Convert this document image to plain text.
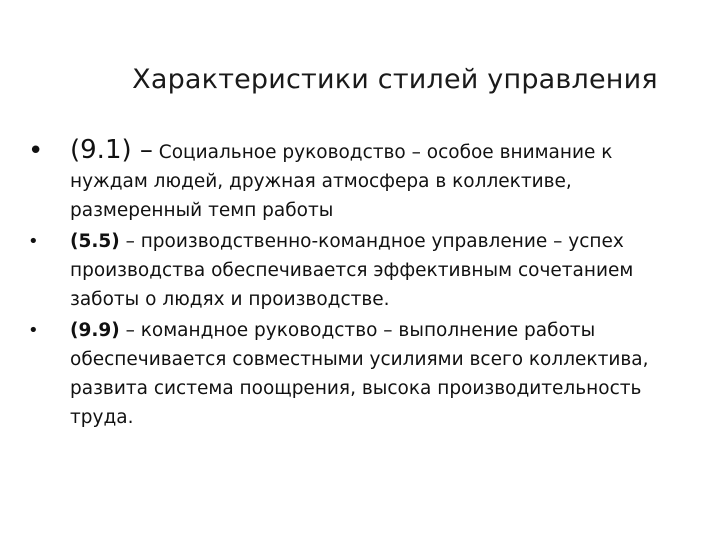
Характеристики стилей управления
•	(9.1) – Социальное руководство – особое внимание к
нуждам людей, дружная атмосфера в коллективе,
размеренный темп работы
•	(5.5) – производственно-командное управление – успех
производства обеспечивается эффективным сочетанием
заботы о людях и производстве.
•	(9.9) – командное руководство – выполнение работы
обеспечивается совместными усилиями всего коллектива,
развита система поощрения, высока производительность
труда.
